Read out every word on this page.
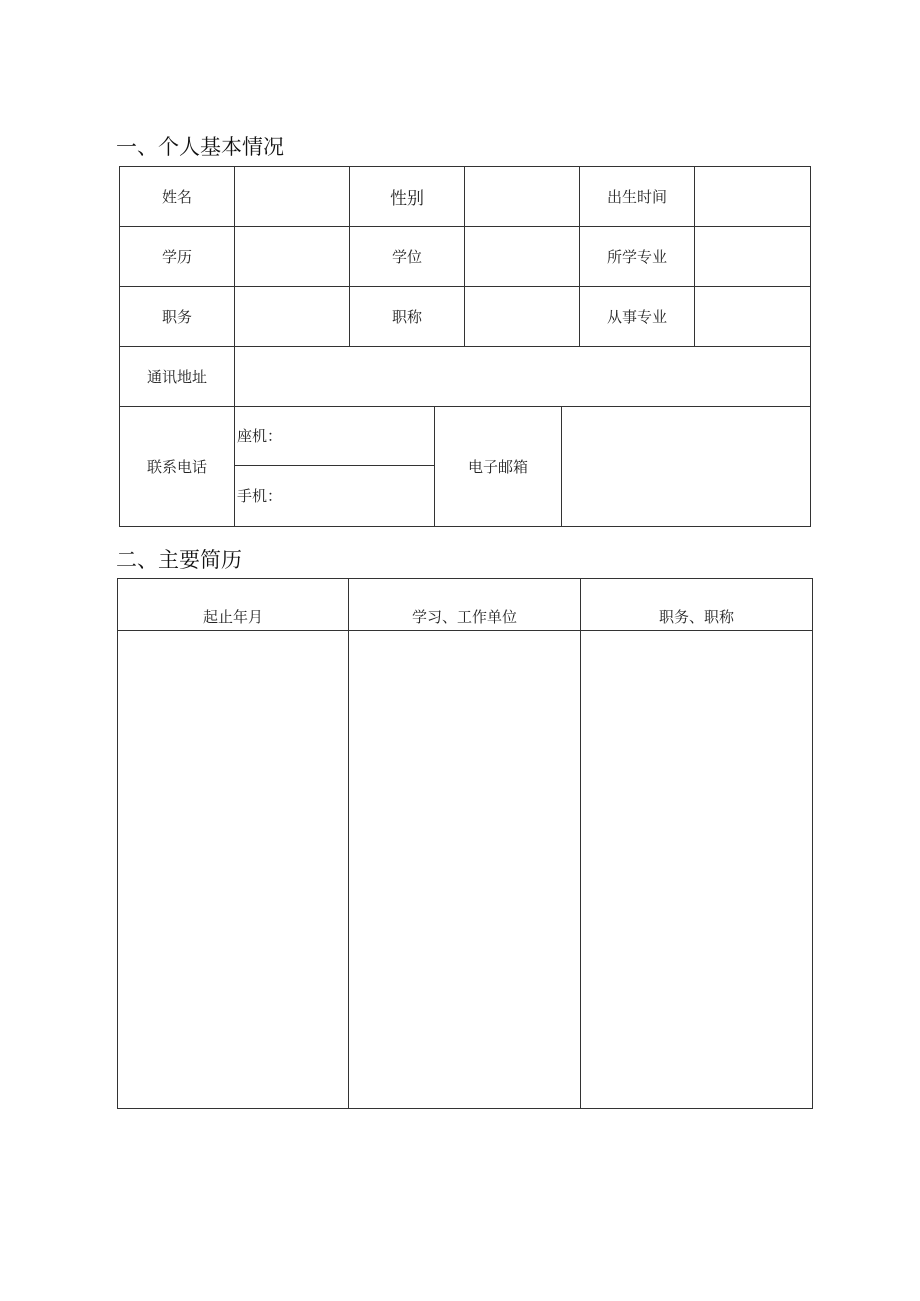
一、个人基本情况
姓名		性别		出生时间	
学历		学位		所学专业	
职务		职称		从事专业	
通讯地址					
联系电话	座机：
手机：
电子邮箱				
二、主要简历
起止年月	学习、工作单位	职务、职称
